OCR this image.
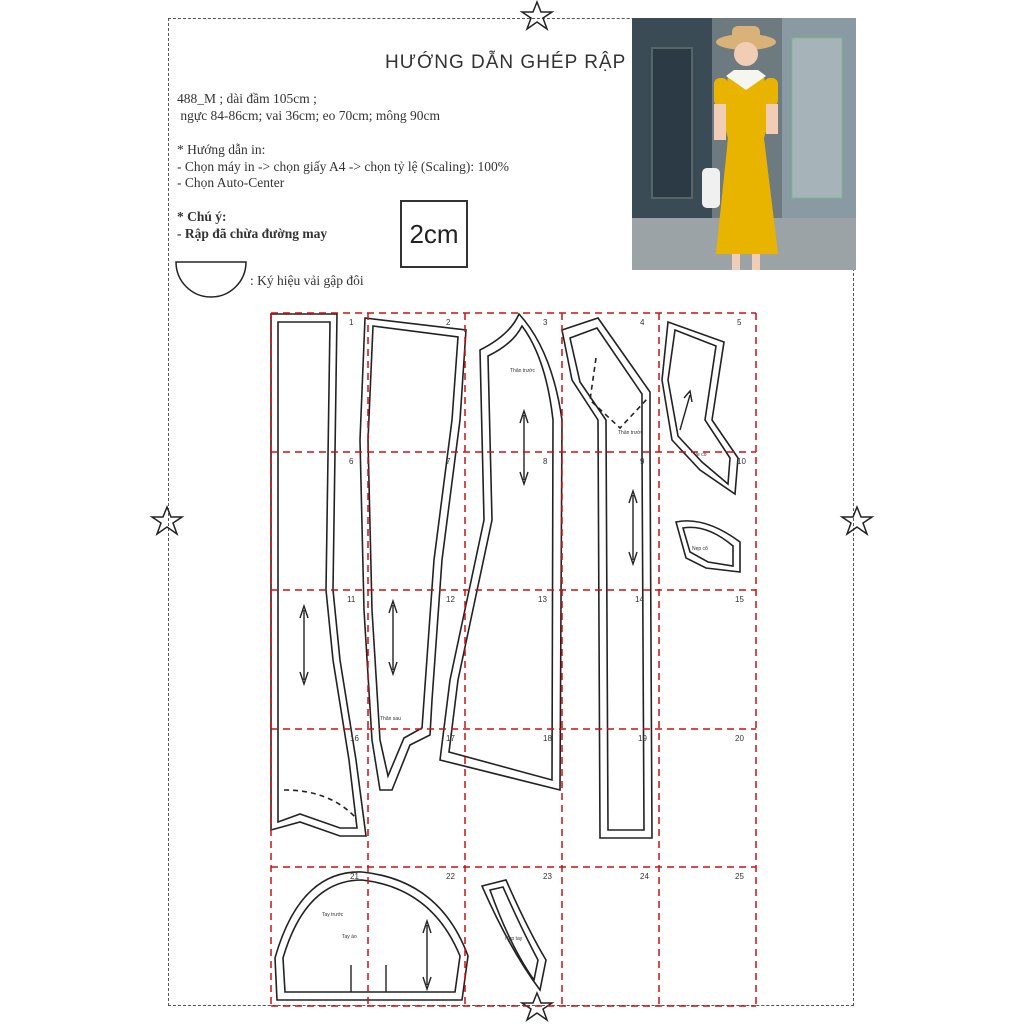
HƯỚNG DẪN GHÉP RẬP
488_M ; dài đầm 105cm ;
ngực 84-86cm; vai 36cm; eo 70cm; mông 90cm
* Hướng dẫn in:
- Chọn máy in -> chọn giấy A4 -> chọn tỷ lệ (Scaling): 100%
- Chọn Auto-Center
* Chú ý:
- Rập đã chừa đường may	2cm
: Ký hiệu vải gập đôi
Thân trước
Thân trước
Ve cổ
Nẹp cổ
Tay trước
Tay áo
Thân sau
Nẹp tay
1	2	3	4	5
6	7	8	9	10
11	12	13	14	15
16	17	18	19	20
21	22	23	24	25
